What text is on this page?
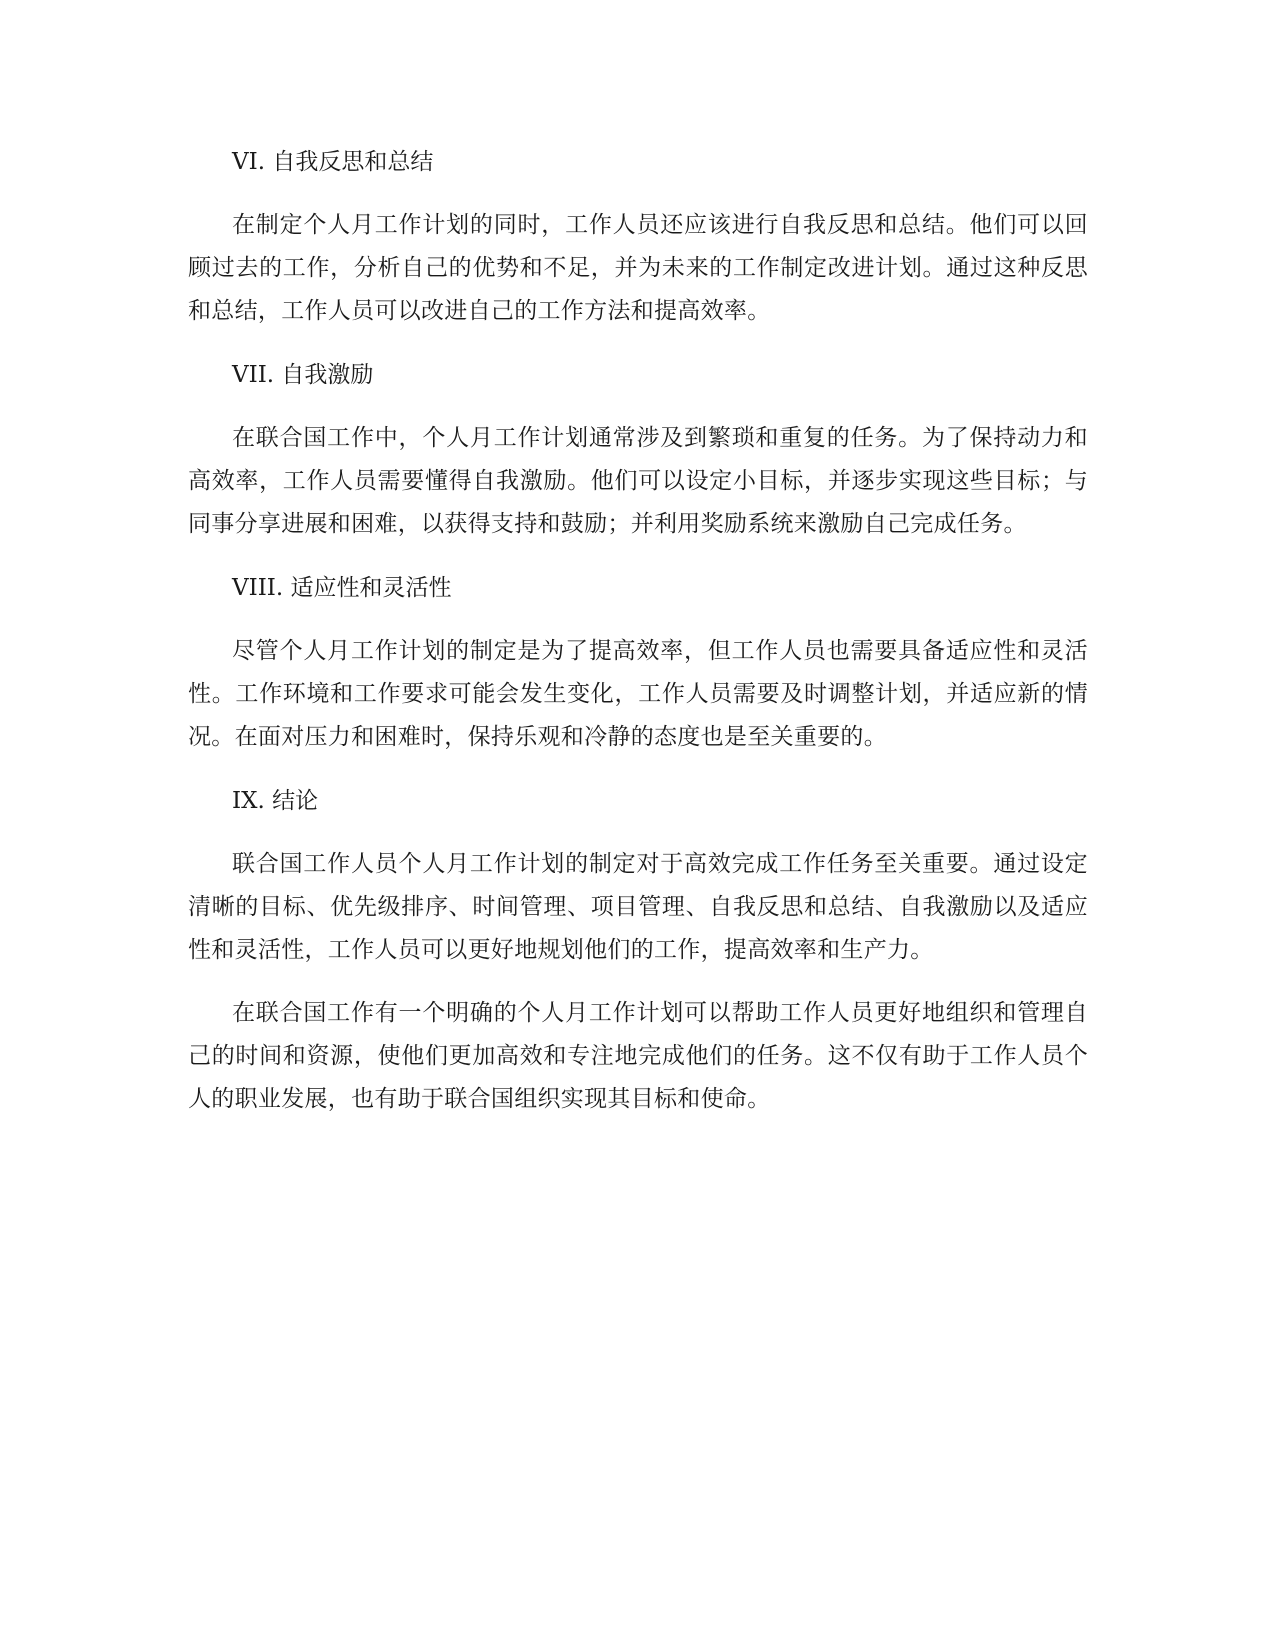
VI. 自我反思和总结

在制定个人月工作计划的同时，工作人员还应该进行自我反思和总结。他们可以回顾过去的工作，分析自己的优势和不足，并为未来的工作制定改进计划。通过这种反思和总结，工作人员可以改进自己的工作方法和提高效率。

VII. 自我激励

在联合国工作中，个人月工作计划通常涉及到繁琐和重复的任务。为了保持动力和高效率，工作人员需要懂得自我激励。他们可以设定小目标，并逐步实现这些目标；与同事分享进展和困难，以获得支持和鼓励；并利用奖励系统来激励自己完成任务。

VIII. 适应性和灵活性

尽管个人月工作计划的制定是为了提高效率，但工作人员也需要具备适应性和灵活性。工作环境和工作要求可能会发生变化，工作人员需要及时调整计划，并适应新的情况。在面对压力和困难时，保持乐观和冷静的态度也是至关重要的。

IX. 结论

联合国工作人员个人月工作计划的制定对于高效完成工作任务至关重要。通过设定清晰的目标、优先级排序、时间管理、项目管理、自我反思和总结、自我激励以及适应性和灵活性，工作人员可以更好地规划他们的工作，提高效率和生产力。

在联合国工作有一个明确的个人月工作计划可以帮助工作人员更好地组织和管理自己的时间和资源，使他们更加高效和专注地完成他们的任务。这不仅有助于工作人员个人的职业发展，也有助于联合国组织实现其目标和使命。
